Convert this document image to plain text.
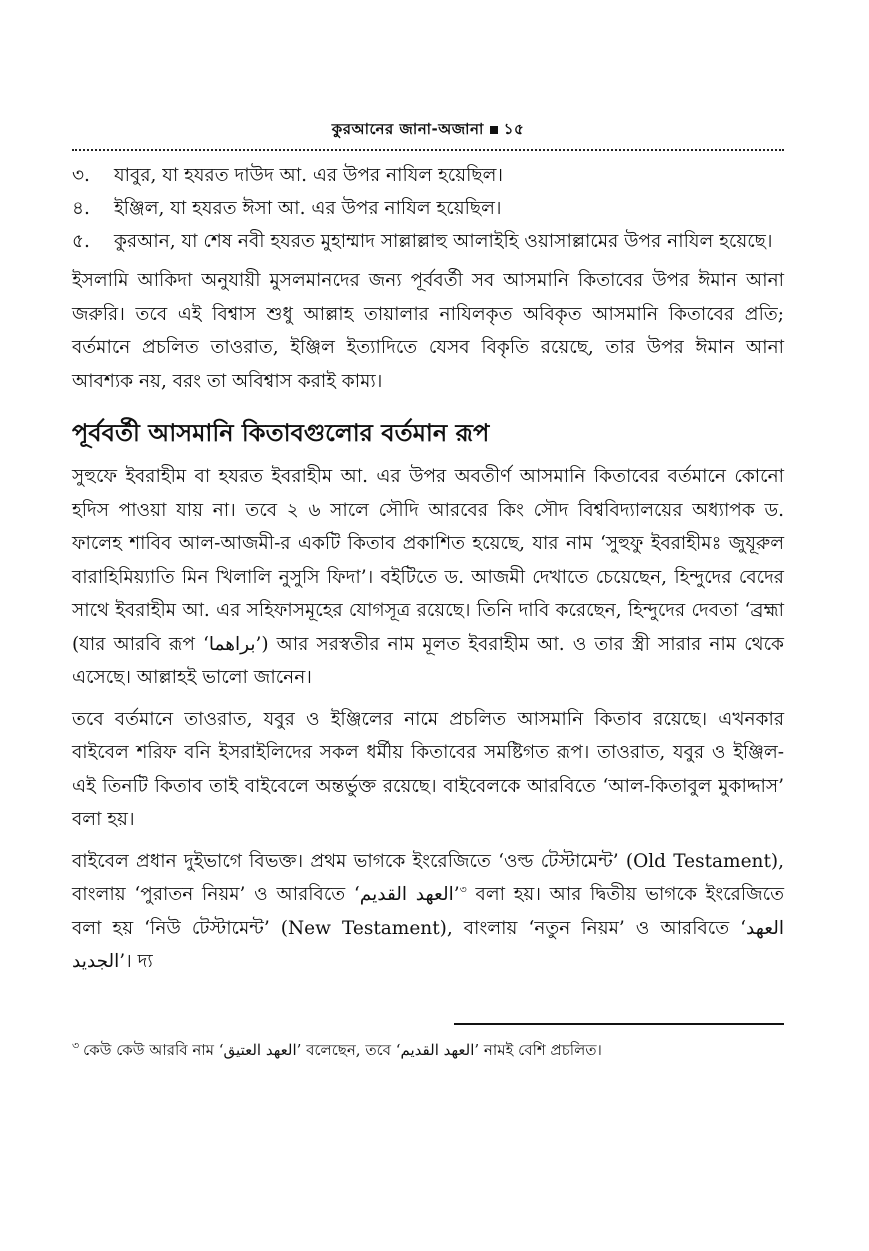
কুরআনের জানা-অজানা ১৫
৩.	যাবুর, যা হযরত দাউদ আ. এর উপর নাযিল হয়েছিল।
৪.	ইঞ্জিল, যা হযরত ঈসা আ. এর উপর নাযিল হয়েছিল।
৫.	কুরআন, যা শেষ নবী হযরত মুহাম্মাদ সাল্লাল্লাহু আলাইহি ওয়াসাল্লামের উপর নাযিল হয়েছে।

ইসলামি আকিদা অনুযায়ী মুসলমানদের জন্য পূর্ববর্তী সব আসমানি কিতাবের উপর ঈমান আনা জরুরি। তবে এই বিশ্বাস শুধু আল্লাহ তায়ালার নাযিলকৃত অবিকৃত আসমানি কিতাবের প্রতি; বর্তমানে প্রচলিত তাওরাত, ইঞ্জিল ইত্যাদিতে যেসব বিকৃতি রয়েছে, তার উপর ঈমান আনা আবশ্যক নয়, বরং তা অবিশ্বাস করাই কাম্য।

পূর্ববর্তী আসমানি কিতাবগুলোর বর্তমান রূপ

সুহুফে ইবরাহীম বা হযরত ইবরাহীম আ. এর উপর অবতীর্ণ আসমানি কিতাবের বর্তমানে কোনো হদিস পাওয়া যায় না। তবে ২ ৬ সালে সৌদি আরবের কিং সৌদ বিশ্ববিদ্যালয়ের অধ্যাপক ড. ফালেহ শাবিব আল-আজমী-র একটি কিতাব প্রকাশিত হয়েছে, যার নাম ‘সুহুফু ইবরাহীমঃ জুযূরুল বারাহিমিয়্যাতি মিন খিলালি নুসুসি ফিদা’। বইটিতে ড. আজমী দেখাতে চেয়েছেন, হিন্দুদের বেদের সাথে ইবরাহীম আ. এর সহিফাসমূহের যোগসূত্র রয়েছে। তিনি দাবি করেছেন, হিন্দুদের দেবতা ‘ব্রহ্মা (যার আরবি রূপ ‘براهما’) আর সরস্বতীর নাম মূলত ইবরাহীম আ. ও তার স্ত্রী সারার নাম থেকে এসেছে। আল্লাহই ভালো জানেন।

তবে বর্তমানে তাওরাত, যবুর ও ইঞ্জিলের নামে প্রচলিত আসমানি কিতাব রয়েছে। এখনকার বাইবেল শরিফ বনি ইসরাইলিদের সকল ধর্মীয় কিতাবের সমষ্টিগত রূপ। তাওরাত, যবুর ও ইঞ্জিল- এই তিনটি কিতাব তাই বাইবেলে অন্তর্ভুক্ত রয়েছে। বাইবেলকে আরবিতে ‘আল-কিতাবুল মুকাদ্দাস’ বলা হয়।

বাইবেল প্রধান দুইভাগে বিভক্ত। প্রথম ভাগকে ইংরেজিতে ‘ওল্ড টেস্টামেন্ট’ (Old Testament), বাংলায় ‘পুরাতন নিয়ম’ ও আরবিতে ‘العهد القديم’$^৩$ বলা হয়। আর দ্বিতীয় ভাগকে ইংরেজিতে বলা হয় ‘নিউ টেস্টামেন্ট’ (New Testament), বাংলায় ‘নতুন নিয়ম’ ও আরবিতে ‘العهد الجديد’। দ্য

$^৩$ কেউ কেউ আরবি নাম ‘العهد العتيق’ বলেছেন, তবে ‘العهد القديم’ নামই বেশি প্রচলিত।
